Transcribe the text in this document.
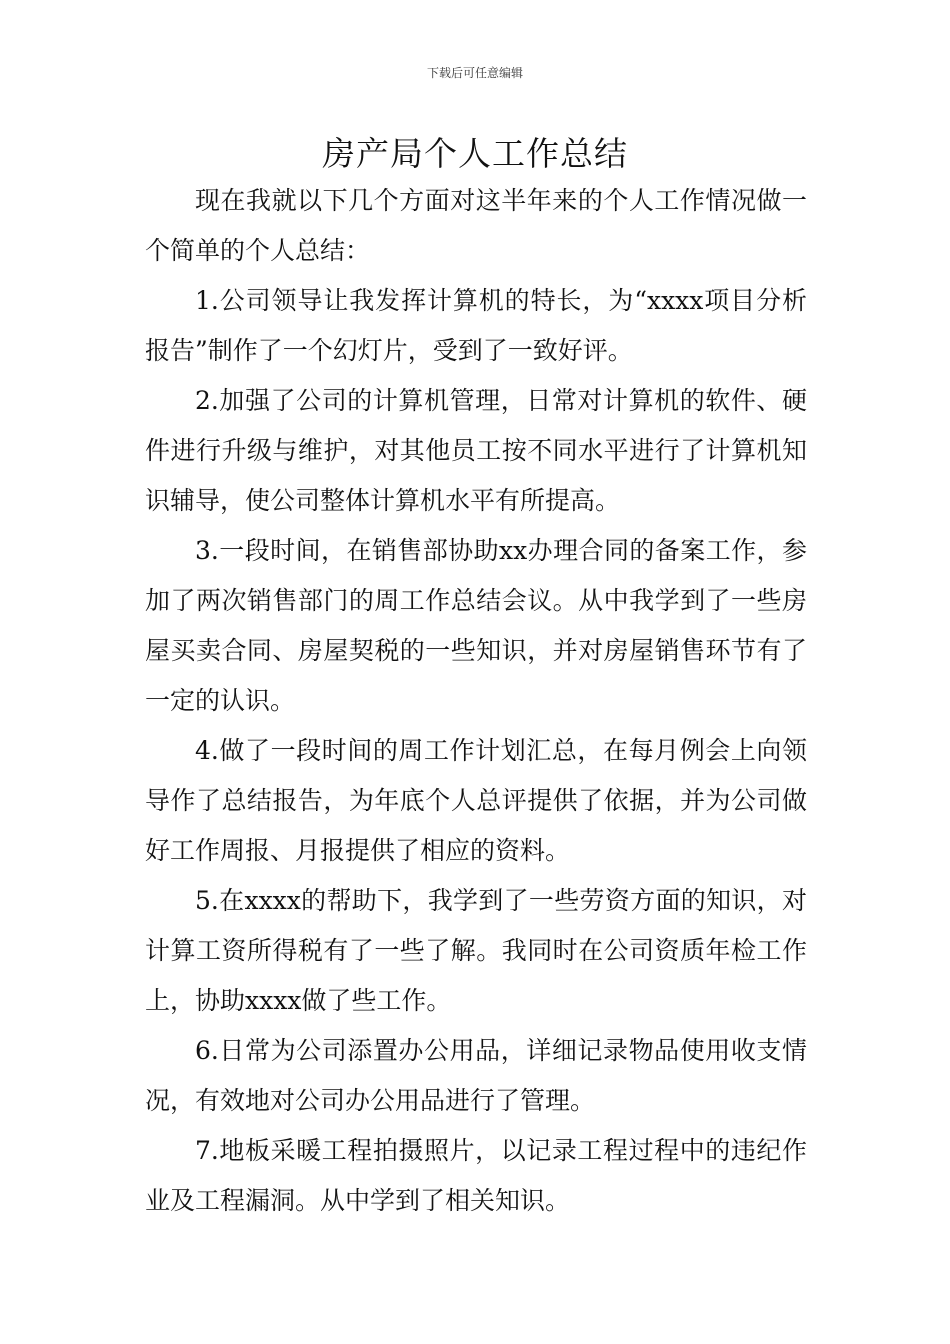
下载后可任意编辑
房产局个人工作总结

现在我就以下几个方面对这半年来的个人工作情况做一个简单的个人总结：

1.公司领导让我发挥计算机的特长，为“xxxx项目分析报告”制作了一个幻灯片，受到了一致好评。

2.加强了公司的计算机管理，日常对计算机的软件、硬件进行升级与维护，对其他员工按不同水平进行了计算机知识辅导，使公司整体计算机水平有所提高。

3.一段时间，在销售部协助xx办理合同的备案工作，参加了两次销售部门的周工作总结会议。从中我学到了一些房屋买卖合同、房屋契税的一些知识，并对房屋销售环节有了一定的认识。

4.做了一段时间的周工作计划汇总，在每月例会上向领导作了总结报告，为年底个人总评提供了依据，并为公司做好工作周报、月报提供了相应的资料。

5.在xxxx的帮助下，我学到了一些劳资方面的知识，对计算工资所得税有了一些了解。我同时在公司资质年检工作上，协助xxxx做了些工作。

6.日常为公司添置办公用品，详细记录物品使用收支情况，有效地对公司办公用品进行了管理。

7.地板采暖工程拍摄照片，以记录工程过程中的违纪作业及工程漏洞。从中学到了相关知识。
